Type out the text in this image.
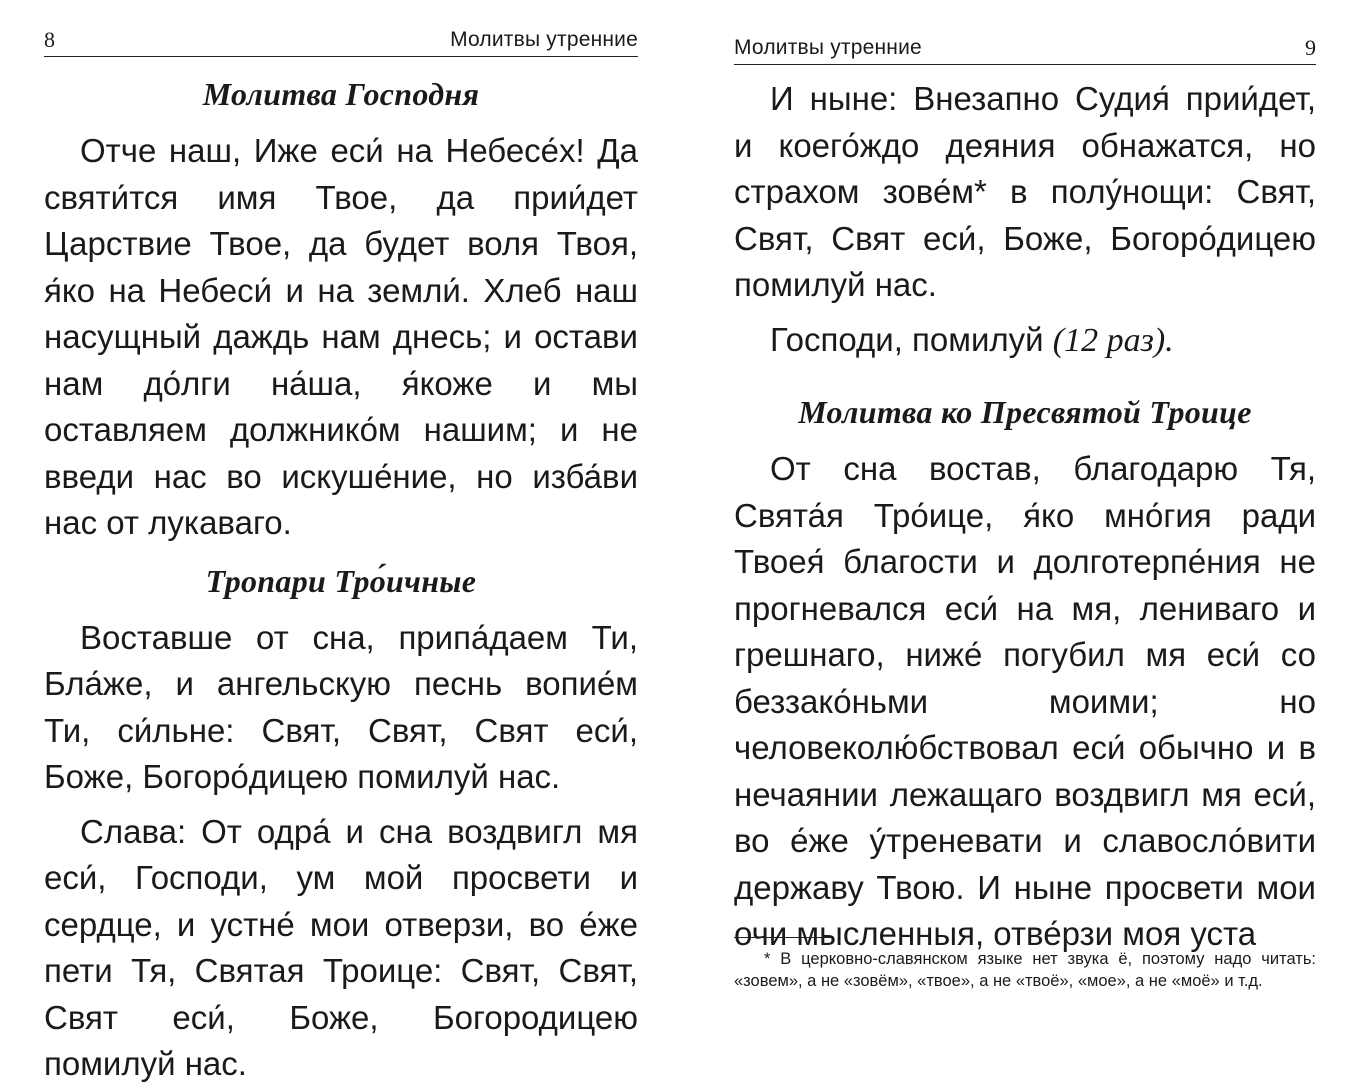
8	Молитвы утренние
Молитва Господня

Отче наш, Иже еси́ на Небесе́х! Да святи́тся имя Твое, да прии́дет Царствие Твое, да будет воля Твоя, я́ко на Небеси́ и на земли́. Хлеб наш насущный даждь нам днесь; и остави нам до́лги на́ша, я́коже и мы оставляем должнико́м нашим; и не введи нас во искуше́ние, но изба́ви нас от лукаваго.

Тропари Тро́ичные

Воставше от сна, припа́даем Ти, Бла́же, и ангельскую песнь вопие́м Ти, си́льне: Свят, Свят, Свят еси́, Боже, Богоро́дицею помилуй нас.

Слава: От одра́ и сна воздвигл мя еси́, Господи, ум мой просвети и сердце, и устне́ мои отверзи, во е́же пети Тя, Святая Троице: Свят, Свят, Свят еси́, Боже, Богородицею помилуй нас.

Молитвы утренние	9

И ныне: Внезапно Судия́ прии́дет, и коего́ждо деяния обнажатся, но страхом зове́м* в полу́нощи: Свят, Свят, Свят еси́, Боже, Богоро́дицею помилуй нас.

Господи, помилуй (12 раз).

Молитва ко Пресвятой Троице

От сна востав, благодарю Тя, Свята́я Тро́ице, я́ко мно́гия ради Твоея́ благости и долготерпе́ния не прогневался еси́ на мя, лениваго и грешнаго, ниже́ погубил мя еси́ со беззако́ньми моими; но человеколю́бствовал еси́ обычно и в нечаянии лежащаго воздвигл мя еси́, во е́же у́треневати и славосло́вити державу Твою. И ныне просвети мои очи мысленныя, отве́рзи моя уста

* В церковно-славянском языке нет звука ё, поэтому надо читать: «зовем», а не «зовём», «твое», а не «твоё», «мое», а не «моё» и т.д.
